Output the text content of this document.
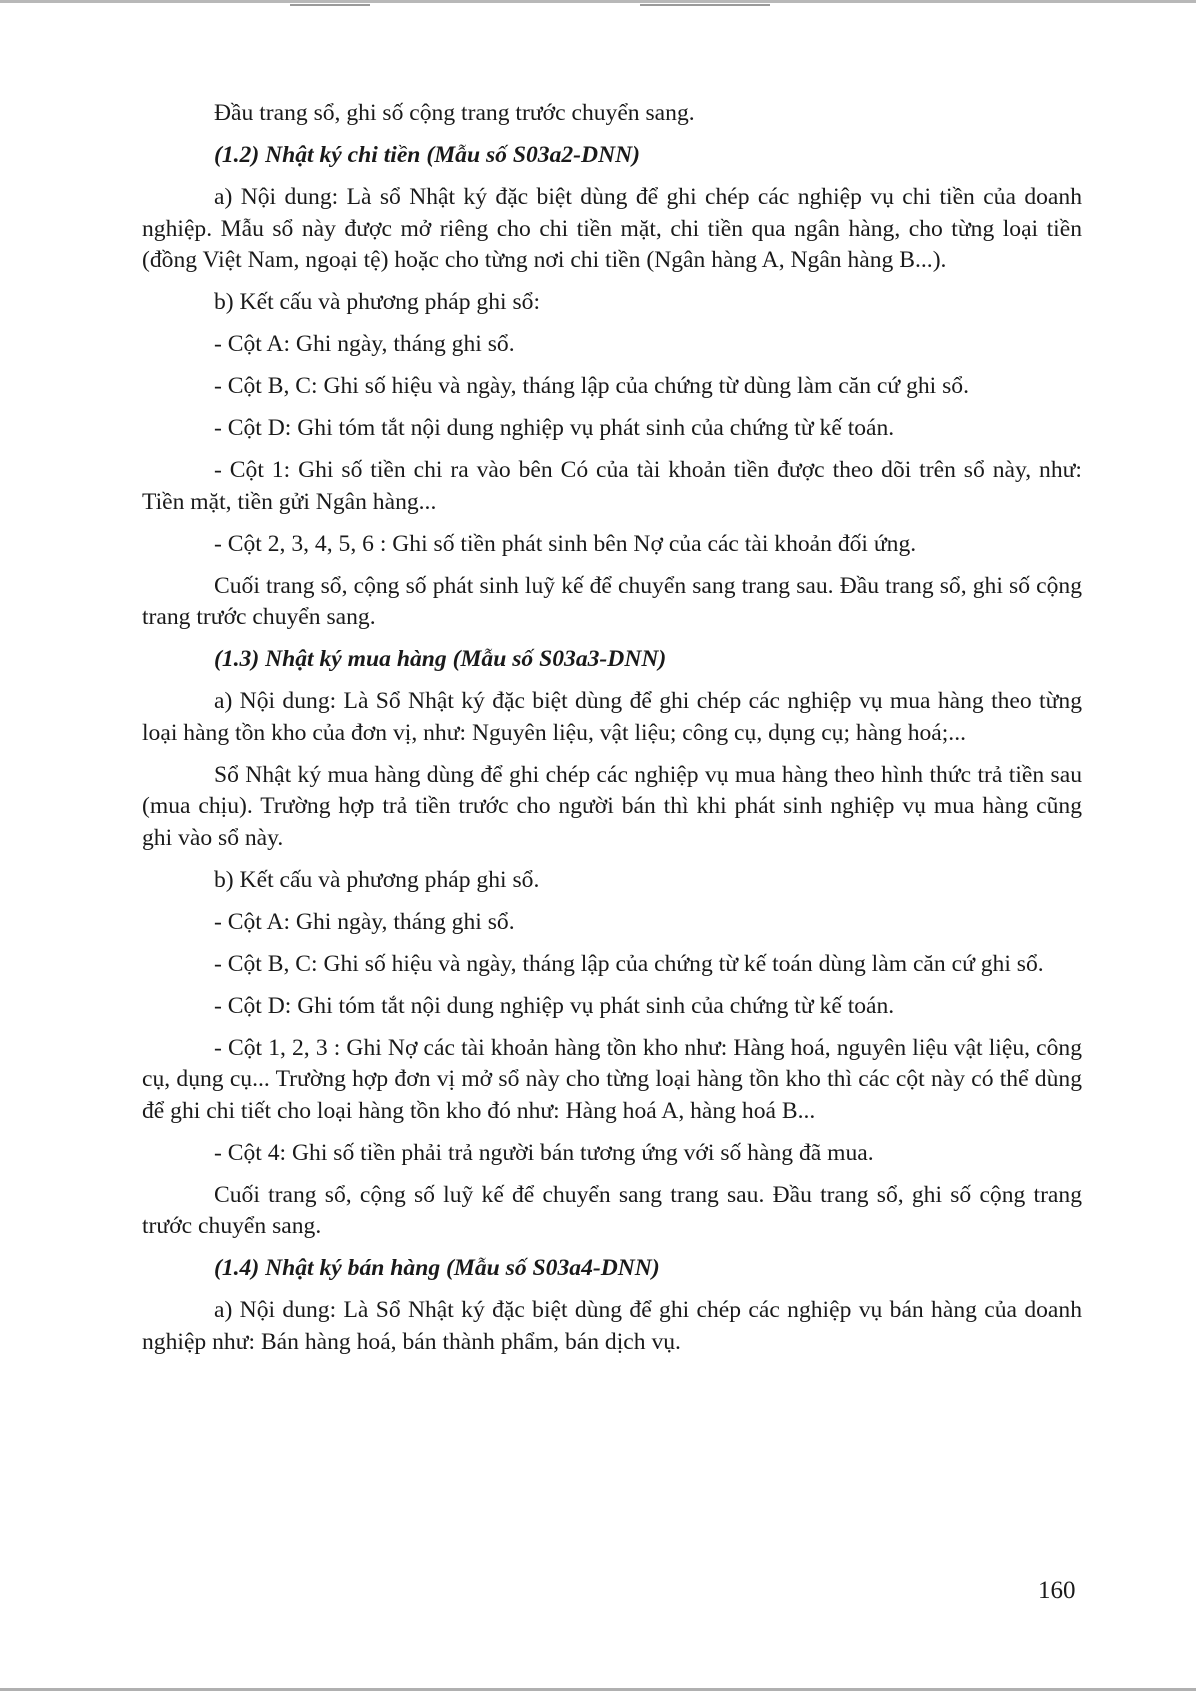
Đầu trang sổ, ghi số cộng trang trước chuyển sang.

(1.2) Nhật ký chi tiền (Mẫu số S03a2-DNN)

a) Nội dung: Là sổ Nhật ký đặc biệt dùng để ghi chép các nghiệp vụ chi tiền của doanh nghiệp. Mẫu sổ này được mở riêng cho chi tiền mặt, chi tiền qua ngân hàng, cho từng loại tiền (đồng Việt Nam, ngoại tệ) hoặc cho từng nơi chi tiền (Ngân hàng A, Ngân hàng B...).

b) Kết cấu và phương pháp ghi sổ:

- Cột A: Ghi ngày, tháng ghi sổ.

- Cột B, C: Ghi số hiệu và ngày, tháng lập của chứng từ dùng làm căn cứ ghi sổ.

- Cột D: Ghi tóm tắt nội dung nghiệp vụ phát sinh của chứng từ kế toán.

- Cột 1: Ghi số tiền chi ra vào bên Có của tài khoản tiền được theo dõi trên sổ này, như: Tiền mặt, tiền gửi Ngân hàng...

- Cột 2, 3, 4, 5, 6 : Ghi số tiền phát sinh bên Nợ của các tài khoản đối ứng.

Cuối trang sổ, cộng số phát sinh luỹ kế để chuyển sang trang sau. Đầu trang sổ, ghi số cộng trang trước chuyển sang.

(1.3) Nhật ký mua hàng (Mẫu số S03a3-DNN)

a) Nội dung: Là Sổ Nhật ký đặc biệt dùng để ghi chép các nghiệp vụ mua hàng theo từng loại hàng tồn kho của đơn vị, như: Nguyên liệu, vật liệu; công cụ, dụng cụ; hàng hoá;...

Sổ Nhật ký mua hàng dùng để ghi chép các nghiệp vụ mua hàng theo hình thức trả tiền sau (mua chịu). Trường hợp trả tiền trước cho người bán thì khi phát sinh nghiệp vụ mua hàng cũng ghi vào sổ này.

b) Kết cấu và phương pháp ghi sổ.

- Cột A: Ghi ngày, tháng ghi sổ.

- Cột B, C: Ghi số hiệu và ngày, tháng lập của chứng từ kế toán dùng làm căn cứ ghi sổ.

- Cột D: Ghi tóm tắt nội dung nghiệp vụ phát sinh của chứng từ kế toán.

- Cột 1, 2, 3 : Ghi Nợ các tài khoản hàng tồn kho như: Hàng hoá, nguyên liệu vật liệu, công cụ, dụng cụ... Trường hợp đơn vị mở sổ này cho từng loại hàng tồn kho thì các cột này có thể dùng để ghi chi tiết cho loại hàng tồn kho đó như: Hàng hoá A, hàng hoá B...

- Cột 4: Ghi số tiền phải trả người bán tương ứng với số hàng đã mua.

Cuối trang sổ, cộng số luỹ kế để chuyển sang trang sau. Đầu trang sổ, ghi số cộng trang trước chuyển sang.

(1.4) Nhật ký bán hàng (Mẫu số S03a4-DNN)

a) Nội dung: Là Sổ Nhật ký đặc biệt dùng để ghi chép các nghiệp vụ bán hàng của doanh nghiệp như: Bán hàng hoá, bán thành phẩm, bán dịch vụ.

160
